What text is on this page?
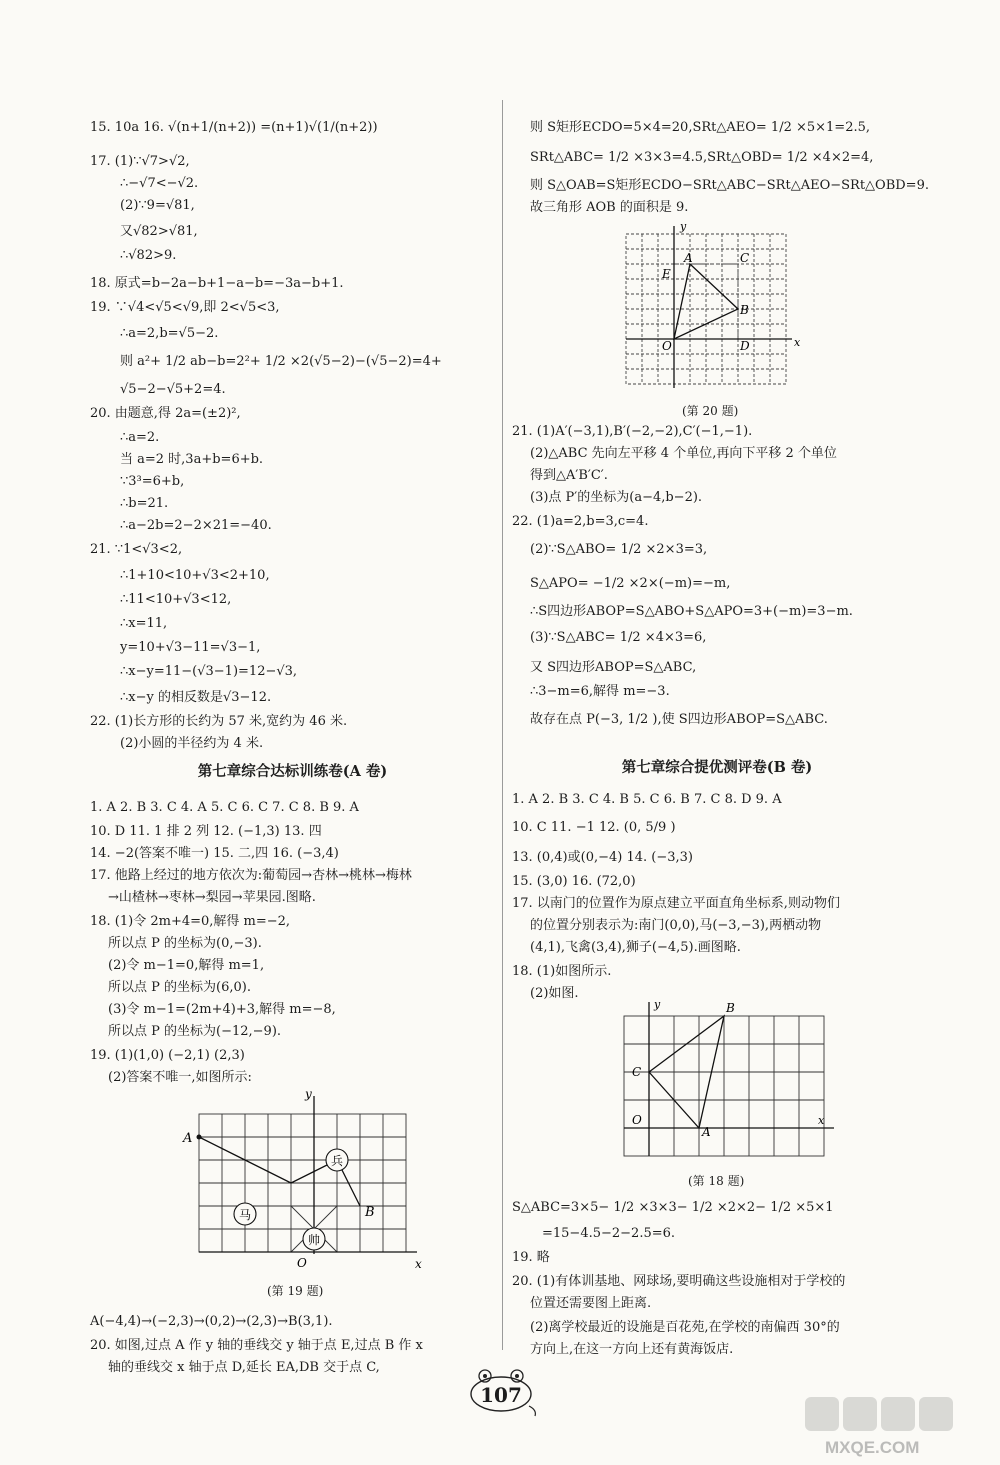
第七章综合达标训练卷(A 卷)
y
x
O
A
B
兵
马
帅
(第 19 题)
15. 10a 16. √(n+1/(n+2)) =(n+1)√(1/(n+2))
17. (1)∵√7>√2,
∴−√7<−√2.
(2)∵9=√81,
又√82>√81,
∴√82>9.
18. 原式=b−2a−b+1−a−b=−3a−b+1.
19. ∵√4<√5<√9,即 2<√5<3,
∴a=2,b=√5−2.
则 a²+ 1/2 ab−b=2²+ 1/2 ×2(√5−2)−(√5−2)=4+
√5−2−√5+2=4.
20. 由题意,得 2a=(±2)²,
∴a=2.
当 a=2 时,3a+b=6+b.
∵3³=6+b,
∴b=21.
∴a−2b=2−2×21=−40.
21. ∵1<√3<2,
∴1+10<10+√3<2+10,
∴11<10+√3<12,
∴x=11,
y=10+√3−11=√3−1,
∴x−y=11−(√3−1)=12−√3,
∴x−y 的相反数是√3−12.
22. (1)长方形的长约为 57 米,宽约为 46 米.
(2)小圆的半径约为 4 米.
1. A 2. B 3. C 4. A 5. C 6. C 7. C 8. B 9. A
10. D 11. 1 排 2 列 12. (−1,3) 13. 四
14. −2(答案不唯一) 15. 二,四 16. (−3,4)
17. 他路上经过的地方依次为:葡萄园→杏林→桃林→梅林
→山楂林→枣林→梨园→苹果园.图略.
18. (1)令 2m+4=0,解得 m=−2,
所以点 P 的坐标为(0,−3).
(2)令 m−1=0,解得 m=1,
所以点 P 的坐标为(6,0).
(3)令 m−1=(2m+4)+3,解得 m=−8,
所以点 P 的坐标为(−12,−9).
19. (1)(1,0) (−2,1) (2,3)
(2)答案不唯一,如图所示:
A(−4,4)→(−2,3)→(0,2)→(2,3)→B(3,1).
20. 如图,过点 A 作 y 轴的垂线交 y 轴于点 E,过点 B 作 x
轴的垂线交 x 轴于点 D,延长 EA,DB 交于点 C,
y
x
O
A
B
C
D
E
(第 20 题)
第七章综合提优测评卷(B 卷)
y
x
O
A
B
C
(第 18 题)
则 S矩形ECDO=5×4=20,SRt△AEO= 1/2 ×5×1=2.5,
SRt△ABC= 1/2 ×3×3=4.5,SRt△OBD= 1/2 ×4×2=4,
则 S△OAB=S矩形ECDO−SRt△ABC−SRt△AEO−SRt△OBD=9.
故三角形 AOB 的面积是 9.
21. (1)A′(−3,1),B′(−2,−2),C′(−1,−1).
(2)△ABC 先向左平移 4 个单位,再向下平移 2 个单位
得到△A′B′C′.
(3)点 P′的坐标为(a−4,b−2).
22. (1)a=2,b=3,c=4.
(2)∵S△ABO= 1/2 ×2×3=3,
S△APO= −1/2 ×2×(−m)=−m,
∴S四边形ABOP=S△ABO+S△APO=3+(−m)=3−m.
(3)∵S△ABC= 1/2 ×4×3=6,
又 S四边形ABOP=S△ABC,
∴3−m=6,解得 m=−3.
故存在点 P(−3, 1/2 ),使 S四边形ABOP=S△ABC.
1. A 2. B 3. C 4. B 5. C 6. B 7. C 8. D 9. A
10. C 11. −1 12. (0, 5/9 )
13. (0,4)或(0,−4) 14. (−3,3)
15. (3,0) 16. (72,0)
17. 以南门的位置作为原点建立平面直角坐标系,则动物们
的位置分别表示为:南门(0,0),马(−3,−3),两栖动物
(4,1),飞禽(3,4),狮子(−4,5).画图略.
18. (1)如图所示.
(2)如图.
S△ABC=3×5− 1/2 ×3×3− 1/2 ×2×2− 1/2 ×5×1
=15−4.5−2−2.5=6.
19. 略
20. (1)有体训基地、网球场,要明确这些设施相对于学校的
位置还需要图上距离.
(2)离学校最近的设施是百花苑,在学校的南偏西 30°的
方向上,在这一方向上还有黄海饭店.
107
MXQE.COM
